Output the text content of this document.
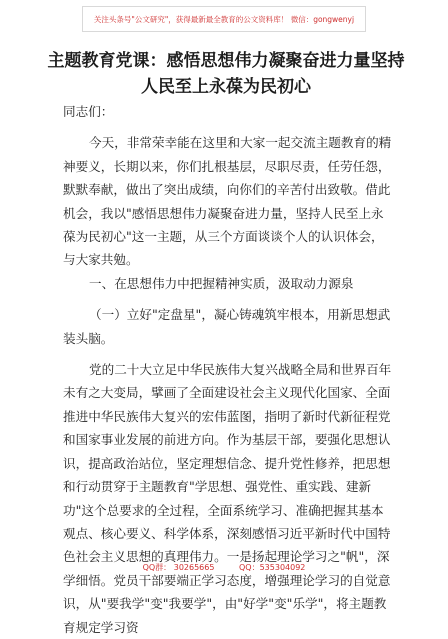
关注头条号"公文研究"，获得最新最全教育的公文资料库！ 微信：gongwenyj
主题教育党课：感悟思想伟力凝聚奋进力量坚持人民至上永葆为民初心

同志们：

今天，非常荣幸能在这里和大家一起交流主题教育的精神要义，长期以来，你们扎根基层，尽职尽责，任劳任怨，默默奉献，做出了突出成绩，向你们的辛苦付出致敬。借此机会，我以"感悟思想伟力凝聚奋进力量，坚持人民至上永葆为民初心"这一主题，从三个方面谈谈个人的认识体会，与大家共勉。

一、在思想伟力中把握精神实质，汲取动力源泉

（一）立好"定盘星"，凝心铸魂筑牢根本，用新思想武装头脑。

党的二十大立足中华民族伟大复兴战略全局和世界百年未有之大变局，擘画了全面建设社会主义现代化国家、全面推进中华民族伟大复兴的宏伟蓝图，指明了新时代新征程党和国家事业发展的前进方向。作为基层干部，要强化思想认识，提高政治站位，坚定理想信念、提升党性修养，把思想和行动贯穿于主题教育"学思想、强党性、重实践、建新功"这个总要求的全过程，全面系统学习、准确把握其基本观点、核心要义、科学体系，深刻感悟习近平新时代中国特色社会主义思想的真理伟力。一是扬起理论学习之"帆"，深学细悟。党员干部要端正学习态度，增强理论学习的自觉意识，从"要我学"变"我要学"，由"好学"变"乐学"，将主题教育规定学习资

QQ群： 30265665	QQ：535304092
